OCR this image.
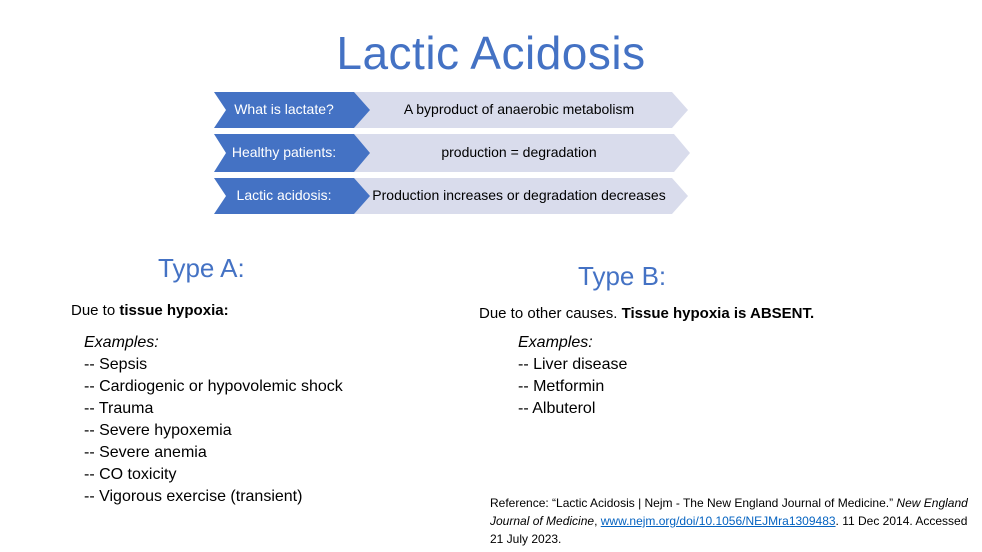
Lactic Acidosis
What is lactate?	A byproduct of anaerobic metabolism
Healthy patients:	production = degradation
Lactic acidosis:	Production increases or degradation decreases
Type A:
Due to tissue hypoxia:
Examples:
-- Sepsis
-- Cardiogenic or hypovolemic shock
-- Trauma
-- Severe hypoxemia
-- Severe anemia
-- CO toxicity
-- Vigorous exercise (transient)
Type B:
Due to other causes. Tissue hypoxia is ABSENT.
Examples:
-- Liver disease
-- Metformin
-- Albuterol
Reference: “Lactic Acidosis | Nejm - The New England Journal of Medicine.” New England Journal of Medicine, www.nejm.org/doi/10.1056/NEJMra1309483. 11 Dec 2014. Accessed 21 July 2023.
